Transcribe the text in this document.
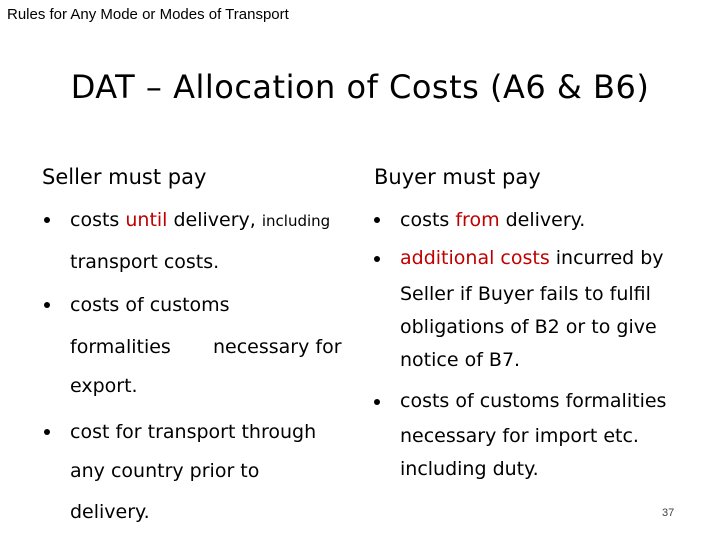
Rules for Any Mode or Modes of Transport
DAT – Allocation of Costs (A6 & B6)
Seller must pay
costs until delivery, including
transport costs.
costs of customs
formalities necessary for
export.
cost for transport through
any country prior to
delivery.
Buyer must pay
costs from delivery.
additional costs incurred by
Seller if Buyer fails to fulfil
obligations of B2 or to give
notice of B7.
costs of customs formalities
necessary for import etc.
including duty.
37
